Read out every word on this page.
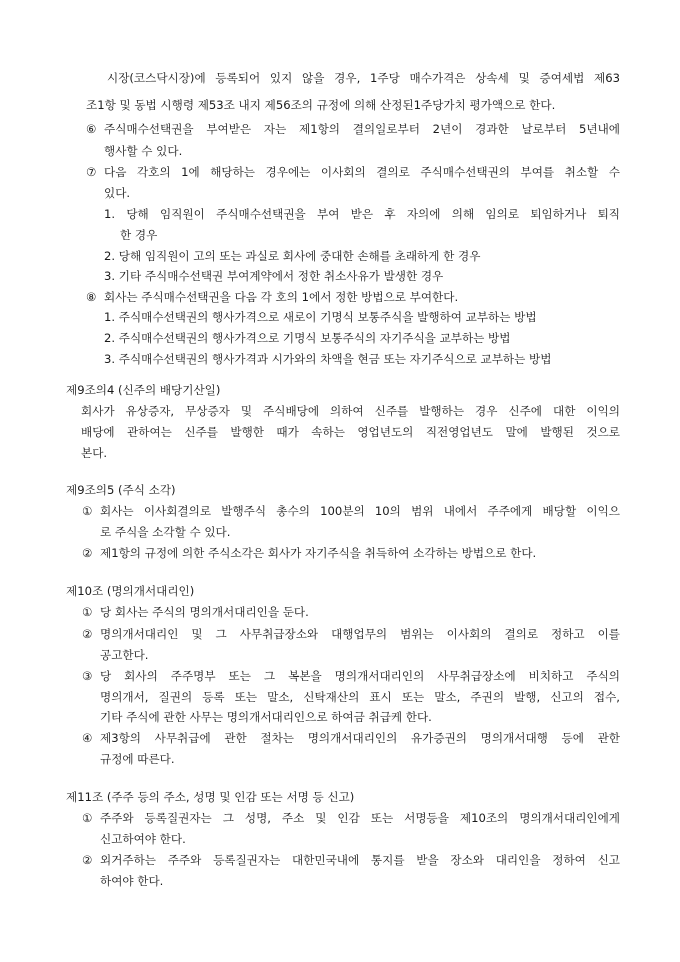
시장(코스닥시장)에 등록되어 있지 않을 경우, 1주당 매수가격은 상속세 및 증여세법 제63
조1항 및 동법 시행령 제53조 내지 제56조의 규정에 의해 산정된1주당가치 평가액으로 한다.
⑥ 주식매수선택권을 부여받은 자는 제1항의 결의일로부터 2년이 경과한 날로부터 5년내에
행사할 수 있다.
⑦ 다음 각호의 1에 해당하는 경우에는 이사회의 결의로 주식매수선택권의 부여를 취소할 수
있다.
1. 당해 임직원이 주식매수선택권을 부여 받은 후 자의에 의해 임의로 퇴임하거나 퇴직
한 경우
2. 당해 임직원이 고의 또는 과실로 회사에 중대한 손해를 초래하게 한 경우
3. 기타 주식매수선택권 부여계약에서 정한 취소사유가 발생한 경우
⑧ 회사는 주식매수선택권을 다음 각 호의 1에서 정한 방법으로 부여한다.
1. 주식매수선택권의 행사가격으로 새로이 기명식 보통주식을 발행하여 교부하는 방법
2. 주식매수선택권의 행사가격으로 기명식 보통주식의 자기주식을 교부하는 방법
3. 주식매수선택권의 행사가격과 시가와의 차액을 현금 또는 자기주식으로 교부하는 방법
제9조의4 (신주의 배당기산일)
회사가 유상증자, 무상증자 및 주식배당에 의하여 신주를 발행하는 경우 신주에 대한 이익의
배당에 관하여는 신주를 발행한 때가 속하는 영업년도의 직전영업년도 말에 발행된 것으로
본다.
제9조의5 (주식 소각)
① 회사는 이사회결의로 발행주식 총수의 100분의 10의 범위 내에서 주주에게 배당할 이익으
로 주식을 소각할 수 있다.
② 제1항의 규정에 의한 주식소각은 회사가 자기주식을 취득하여 소각하는 방법으로 한다.
제10조 (명의개서대리인)
① 당 회사는 주식의 명의개서대리인을 둔다.
② 명의개서대리인 및 그 사무취급장소와 대행업무의 범위는 이사회의 결의로 정하고 이를
공고한다.
③ 당 회사의 주주명부 또는 그 복본을 명의개서대리인의 사무취급장소에 비치하고 주식의
명의개서, 질권의 등록 또는 말소, 신탁재산의 표시 또는 말소, 주권의 발행, 신고의 접수,
기타 주식에 관한 사무는 명의개서대리인으로 하여금 취급케 한다.
④ 제3항의 사무취급에 관한 절차는 명의개서대리인의 유가증권의 명의개서대행 등에 관한
규정에 따른다.
제11조 (주주 등의 주소, 성명 및 인감 또는 서명 등 신고)
① 주주와 등록질권자는 그 성명, 주소 및 인감 또는 서명등을 제10조의 명의개서대리인에게
신고하여야 한다.
② 외거주하는 주주와 등록질권자는 대한민국내에 통지를 받을 장소와 대리인을 정하여 신고
하여야 한다.
